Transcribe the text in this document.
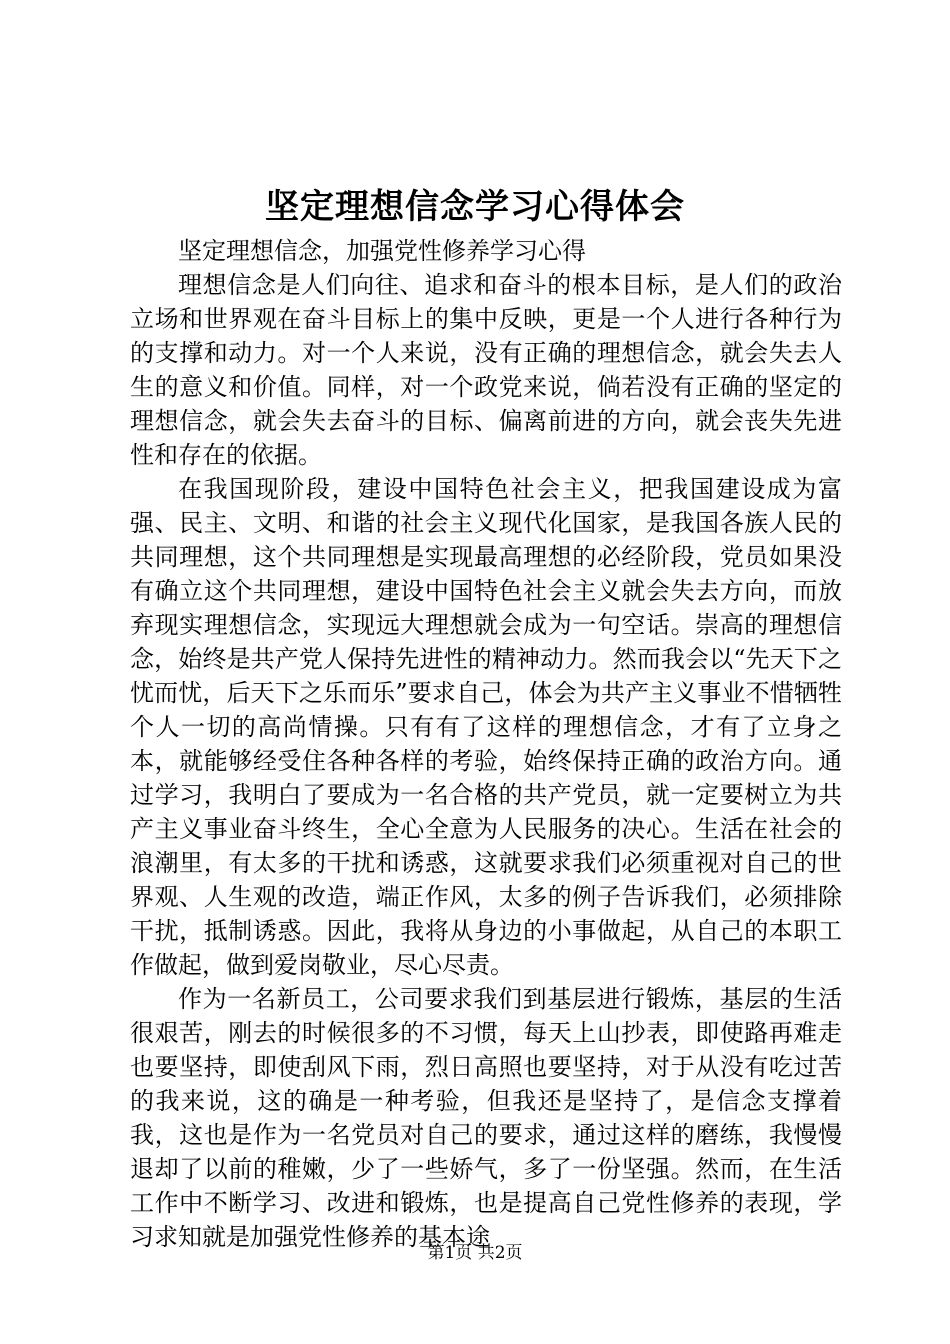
坚定理想信念学习心得体会

坚定理想信念，加强党性修养学习心得

理想信念是人们向往、追求和奋斗的根本目标，是人们的政治立场和世界观在奋斗目标上的集中反映，更是一个人进行各种行为的支撑和动力。对一个人来说，没有正确的理想信念，就会失去人生的意义和价值。同样，对一个政党来说，倘若没有正确的坚定的理想信念，就会失去奋斗的目标、偏离前进的方向，就会丧失先进性和存在的依据。

在我国现阶段，建设中国特色社会主义，把我国建设成为富强、民主、文明、和谐的社会主义现代化国家，是我国各族人民的共同理想，这个共同理想是实现最高理想的必经阶段，党员如果没有确立这个共同理想，建设中国特色社会主义就会失去方向，而放弃现实理想信念，实现远大理想就会成为一句空话。崇高的理想信念，始终是共产党人保持先进性的精神动力。然而我会以“先天下之忧而忧，后天下之乐而乐”要求自己，体会为共产主义事业不惜牺牲个人一切的高尚情操。只有有了这样的理想信念，才有了立身之本，就能够经受住各种各样的考验，始终保持正确的政治方向。通过学习，我明白了要成为一名合格的共产党员，就一定要树立为共产主义事业奋斗终生，全心全意为人民服务的决心。生活在社会的浪潮里，有太多的干扰和诱惑，这就要求我们必须重视对自己的世界观、人生观的改造，端正作风，太多的例子告诉我们，必须排除干扰，抵制诱惑。因此，我将从身边的小事做起，从自己的本职工作做起，做到爱岗敬业，尽心尽责。

作为一名新员工，公司要求我们到基层进行锻炼，基层的生活很艰苦，刚去的时候很多的不习惯，每天上山抄表，即使路再难走也要坚持，即使刮风下雨，烈日高照也要坚持，对于从没有吃过苦的我来说，这的确是一种考验，但我还是坚持了，是信念支撑着我，这也是作为一名党员对自己的要求，通过这样的磨练，我慢慢退却了以前的稚嫩，少了一些娇气，多了一份坚强。然而，在生活工作中不断学习、改进和锻炼，也是提高自己党性修养的表现，学习求知就是加强党性修养的基本途

第1页 共2页
